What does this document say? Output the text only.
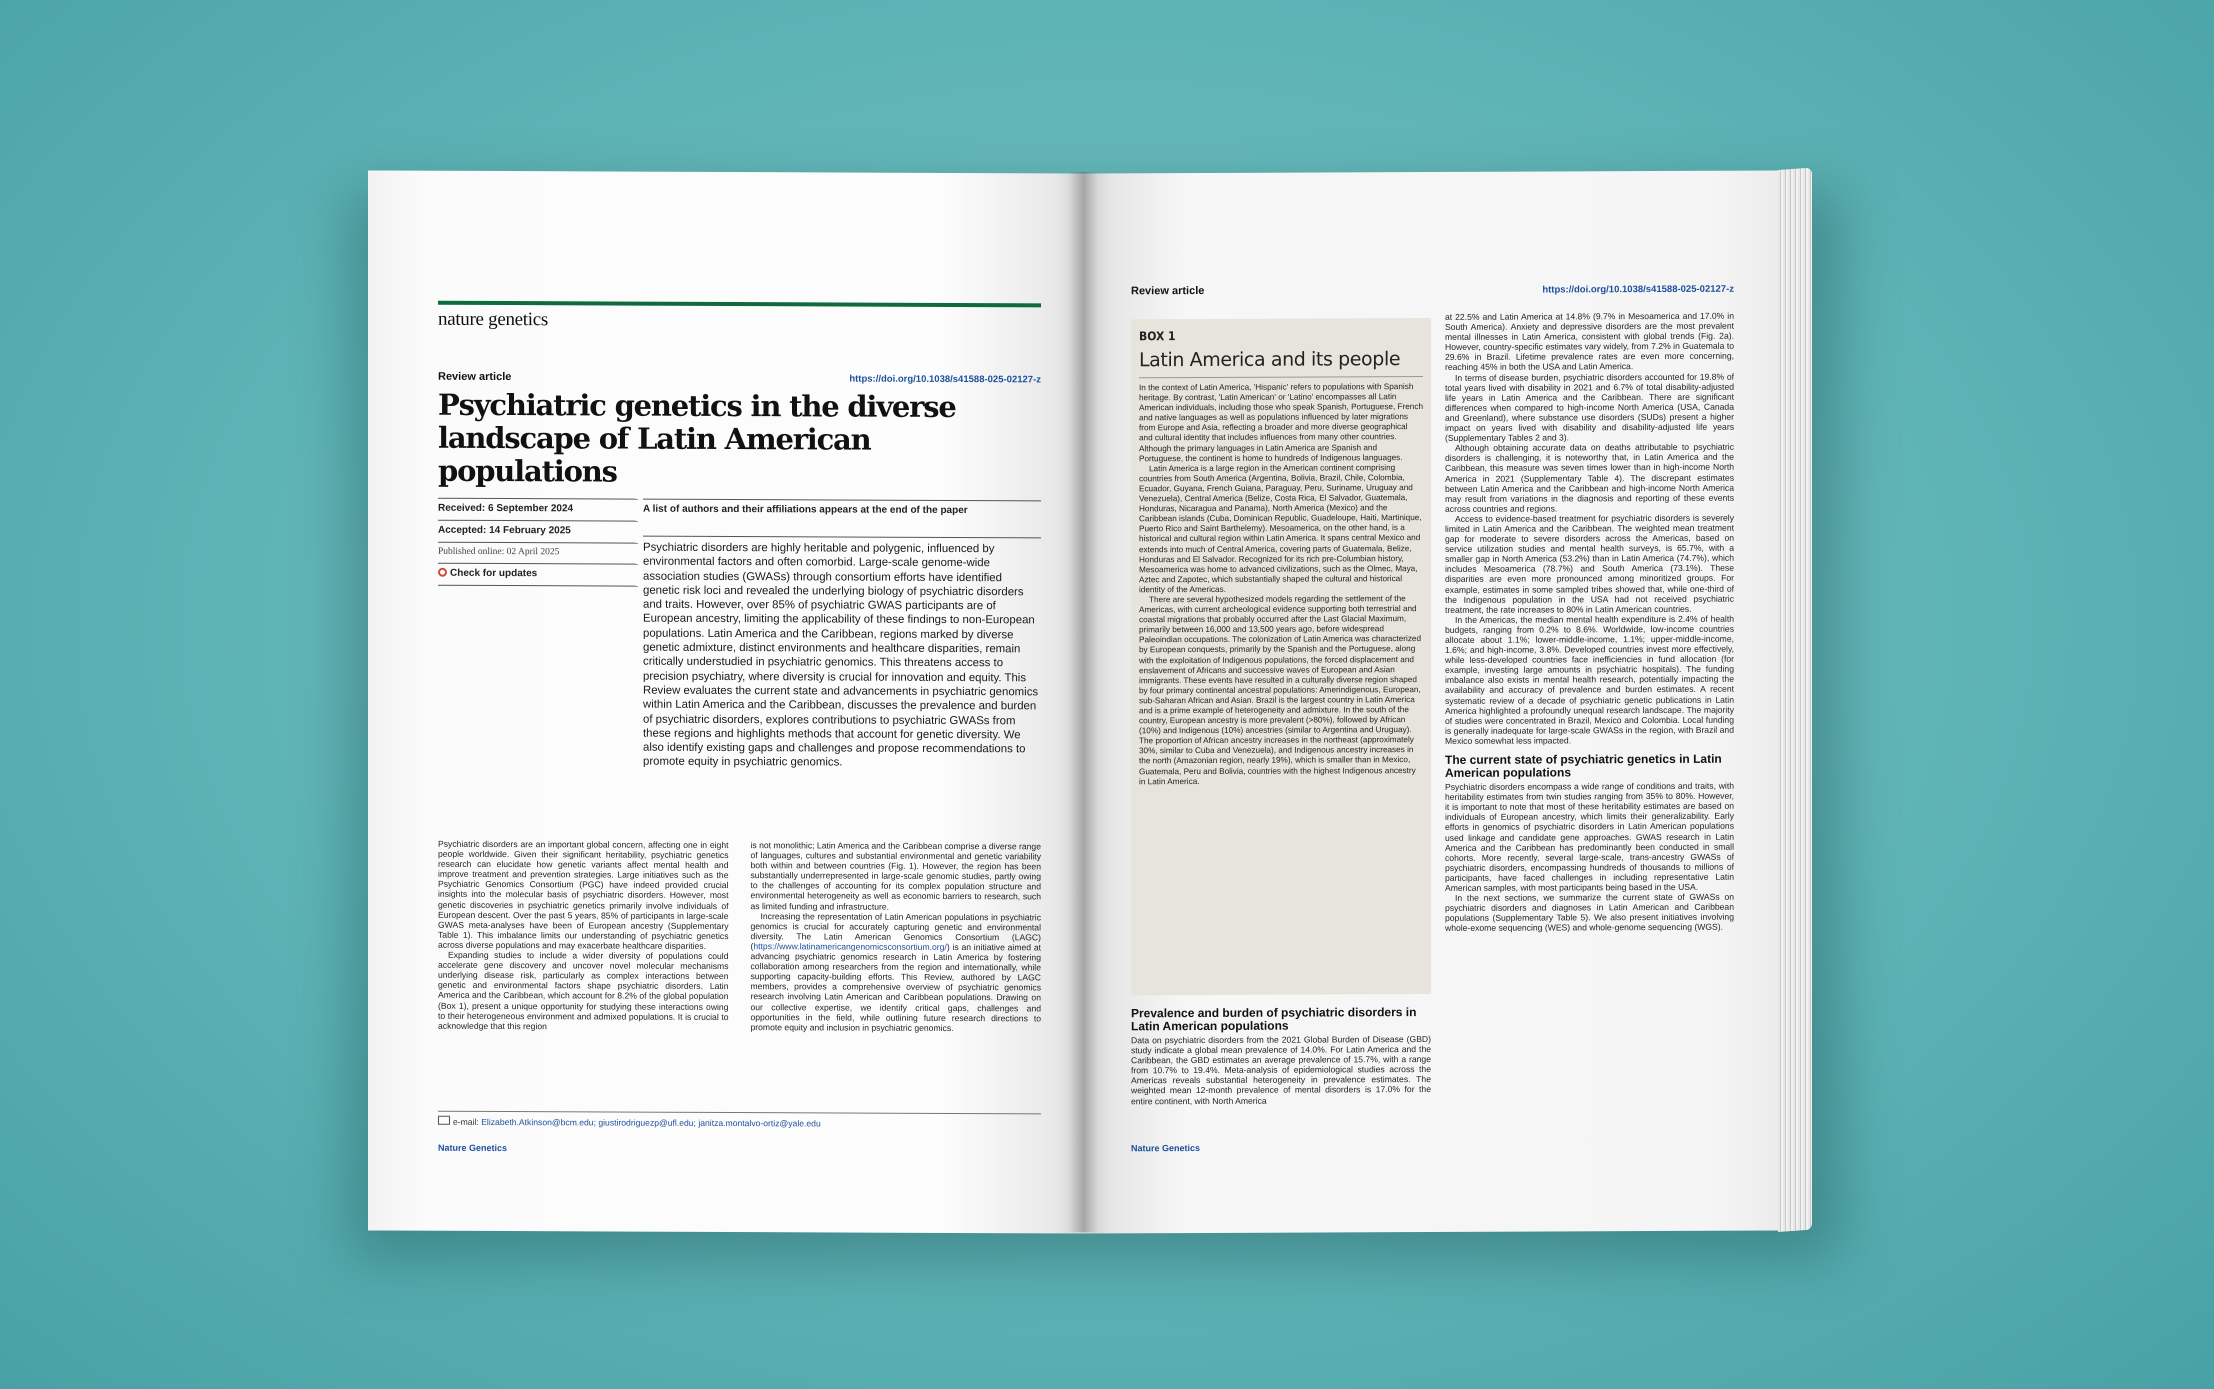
nature genetics
Review article	https://doi.org/10.1038/s41588-025-02127-z
Psychiatric genetics in the diverse landscape of Latin American populations
Received: 6 September 2024
Accepted: 14 February 2025
Published online: 02 April 2025
Check for updates
A list of authors and their affiliations appears at the end of the paper
Psychiatric disorders are highly heritable and polygenic, influenced by environmental factors and often comorbid. Large-scale genome-wide association studies (GWASs) through consortium efforts have identified genetic risk loci and revealed the underlying biology of psychiatric disorders and traits. However, over 85% of psychiatric GWAS participants are of European ancestry, limiting the applicability of these findings to non-European populations. Latin America and the Caribbean, regions marked by diverse genetic admixture, distinct environments and healthcare disparities, remain critically understudied in psychiatric genomics. This threatens access to precision psychiatry, where diversity is crucial for innovation and equity. This Review evaluates the current state and advancements in psychiatric genomics within Latin America and the Caribbean, discusses the prevalence and burden of psychiatric disorders, explores contributions to psychiatric GWASs from these regions and highlights methods that account for genetic diversity. We also identify existing gaps and challenges and propose recommendations to promote equity in psychiatric genomics.

Psychiatric disorders are an important global concern, affecting one in eight people worldwide. Given their significant heritability, psychiatric genetics research can elucidate how genetic variants affect mental health and improve treatment and prevention strategies. Large initiatives such as the Psychiatric Genomics Consortium (PGC) have indeed provided crucial insights into the molecular basis of psychiatric disorders. However, most genetic discoveries in psychiatric genetics primarily involve individuals of European descent. Over the past 5 years, 85% of participants in large-scale GWAS meta-analyses have been of European ancestry (Supplementary Table 1). This imbalance limits our understanding of psychiatric genetics across diverse populations and may exacerbate healthcare disparities.

Expanding studies to include a wider diversity of populations could accelerate gene discovery and uncover novel molecular mechanisms underlying disease risk, particularly as complex interactions between genetic and environmental factors shape psychiatric disorders. Latin America and the Caribbean, which account for 8.2% of the global population (Box 1), present a unique opportunity for studying these interactions owing to their heterogeneous environment and admixed populations. It is crucial to acknowledge that this region

is not monolithic; Latin America and the Caribbean comprise a diverse range of languages, cultures and substantial environmental and genetic variability both within and between countries (Fig. 1). However, the region has been substantially underrepresented in large-scale genomic studies, partly owing to the challenges of accounting for its complex population structure and environmental heterogeneity as well as economic barriers to research, such as limited funding and infrastructure.

Increasing the representation of Latin American populations in psychiatric genomics is crucial for accurately capturing genetic and environmental diversity. The Latin American Genomics Consortium (LAGC) (https://www.latinamericangenomicsconsortium.org/) is an initiative aimed at advancing psychiatric genomics research in Latin America by fostering collaboration among researchers from the region and internationally, while supporting capacity-building efforts. This Review, authored by LAGC members, provides a comprehensive overview of psychiatric genomics research involving Latin American and Caribbean populations. Drawing on our collective expertise, we identify critical gaps, challenges and opportunities in the field, while outlining future research directions to promote equity and inclusion in psychiatric genomics.

e-mail: Elizabeth.Atkinson@bcm.edu; giustirodriguezp@ufl.edu; janitza.montalvo-ortiz@yale.edu
Nature Genetics
Review article	https://doi.org/10.1038/s41588-025-02127-z
BOX 1
Latin America and its people

In the context of Latin America, 'Hispanic' refers to populations with Spanish heritage. By contrast, 'Latin American' or 'Latino' encompasses all Latin American individuals, including those who speak Spanish, Portuguese, French and native languages as well as populations influenced by later migrations from Europe and Asia, reflecting a broader and more diverse geographical and cultural identity that includes influences from many other countries. Although the primary languages in Latin America are Spanish and Portuguese, the continent is home to hundreds of Indigenous languages.

Latin America is a large region in the American continent comprising countries from South America (Argentina, Bolivia, Brazil, Chile, Colombia, Ecuador, Guyana, French Guiana, Paraguay, Peru, Suriname, Uruguay and Venezuela), Central America (Belize, Costa Rica, El Salvador, Guatemala, Honduras, Nicaragua and Panama), North America (Mexico) and the Caribbean islands (Cuba, Dominican Republic, Guadeloupe, Haiti, Martinique, Puerto Rico and Saint Barthelemy). Mesoamerica, on the other hand, is a historical and cultural region within Latin America. It spans central Mexico and extends into much of Central America, covering parts of Guatemala, Belize, Honduras and El Salvador. Recognized for its rich pre-Columbian history, Mesoamerica was home to advanced civilizations, such as the Olmec, Maya, Aztec and Zapotec, which substantially shaped the cultural and historical identity of the Americas.

There are several hypothesized models regarding the settlement of the Americas, with current archeological evidence supporting both terrestrial and coastal migrations that probably occurred after the Last Glacial Maximum, primarily between 16,000 and 13,500 years ago, before widespread Paleoindian occupations. The colonization of Latin America was characterized by European conquests, primarily by the Spanish and the Portuguese, along with the exploitation of Indigenous populations, the forced displacement and enslavement of Africans and successive waves of European and Asian immigrants. These events have resulted in a culturally diverse region shaped by four primary continental ancestral populations: Amerindigenous, European, sub-Saharan African and Asian. Brazil is the largest country in Latin America and is a prime example of heterogeneity and admixture. In the south of the country, European ancestry is more prevalent (>80%), followed by African (10%) and Indigenous (10%) ancestries (similar to Argentina and Uruguay). The proportion of African ancestry increases in the northeast (approximately 30%, similar to Cuba and Venezuela), and Indigenous ancestry increases in the north (Amazonian region, nearly 19%), which is smaller than in Mexico, Guatemala, Peru and Bolivia, countries with the highest Indigenous ancestry in Latin America.

Prevalence and burden of psychiatric disorders in Latin American populations
Data on psychiatric disorders from the 2021 Global Burden of Disease (GBD) study indicate a global mean prevalence of 14.0%. For Latin America and the Caribbean, the GBD estimates an average prevalence of 15.7%, with a range from 10.7% to 19.4%. Meta-analysis of epidemiological studies across the Americas reveals substantial heterogeneity in prevalence estimates. The weighted mean 12-month prevalence of mental disorders is 17.0% for the entire continent, with North America

at 22.5% and Latin America at 14.8% (9.7% in Mesoamerica and 17.0% in South America). Anxiety and depressive disorders are the most prevalent mental illnesses in Latin America, consistent with global trends (Fig. 2a). However, country-specific estimates vary widely, from 7.2% in Guatemala to 29.6% in Brazil. Lifetime prevalence rates are even more concerning, reaching 45% in both the USA and Latin America.

In terms of disease burden, psychiatric disorders accounted for 19.8% of total years lived with disability in 2021 and 6.7% of total disability-adjusted life years in Latin America and the Caribbean. There are significant differences when compared to high-income North America (USA, Canada and Greenland), where substance use disorders (SUDs) present a higher impact on years lived with disability and disability-adjusted life years (Supplementary Tables 2 and 3).

Although obtaining accurate data on deaths attributable to psychiatric disorders is challenging, it is noteworthy that, in Latin America and the Caribbean, this measure was seven times lower than in high-income North America in 2021 (Supplementary Table 4). The discrepant estimates between Latin America and the Caribbean and high-income North America may result from variations in the diagnosis and reporting of these events across countries and regions.

Access to evidence-based treatment for psychiatric disorders is severely limited in Latin America and the Caribbean. The weighted mean treatment gap for moderate to severe disorders across the Americas, based on service utilization studies and mental health surveys, is 65.7%, with a smaller gap in North America (53.2%) than in Latin America (74.7%), which includes Mesoamerica (78.7%) and South America (73.1%). These disparities are even more pronounced among minoritized groups. For example, estimates in some sampled tribes showed that, while one-third of the Indigenous population in the USA had not received psychiatric treatment, the rate increases to 80% in Latin American countries.

In the Americas, the median mental health expenditure is 2.4% of health budgets, ranging from 0.2% to 8.6%. Worldwide, low-income countries allocate about 1.1%; lower-middle-income, 1.1%; upper-middle-income, 1.6%; and high-income, 3.8%. Developed countries invest more effectively, while less-developed countries face inefficiencies in fund allocation (for example, investing large amounts in psychiatric hospitals). The funding imbalance also exists in mental health research, potentially impacting the availability and accuracy of prevalence and burden estimates. A recent systematic review of a decade of psychiatric genetic publications in Latin America highlighted a profoundly unequal research landscape. The majority of studies were concentrated in Brazil, Mexico and Colombia. Local funding is generally inadequate for large-scale GWASs in the region, with Brazil and Mexico somewhat less impacted.

The current state of psychiatric genetics in Latin American populations

Psychiatric disorders encompass a wide range of conditions and traits, with heritability estimates from twin studies ranging from 35% to 80%. However, it is important to note that most of these heritability estimates are based on individuals of European ancestry, which limits their generalizability. Early efforts in genomics of psychiatric disorders in Latin American populations used linkage and candidate gene approaches. GWAS research in Latin America and the Caribbean has predominantly been conducted in small cohorts. More recently, several large-scale, trans-ancestry GWASs of psychiatric disorders, encompassing hundreds of thousands to millions of participants, have faced challenges in including representative Latin American samples, with most participants being based in the USA.

In the next sections, we summarize the current state of GWASs on psychiatric disorders and diagnoses in Latin American and Caribbean populations (Supplementary Table 5). We also present initiatives involving whole-exome sequencing (WES) and whole-genome sequencing (WGS).

Nature Genetics
